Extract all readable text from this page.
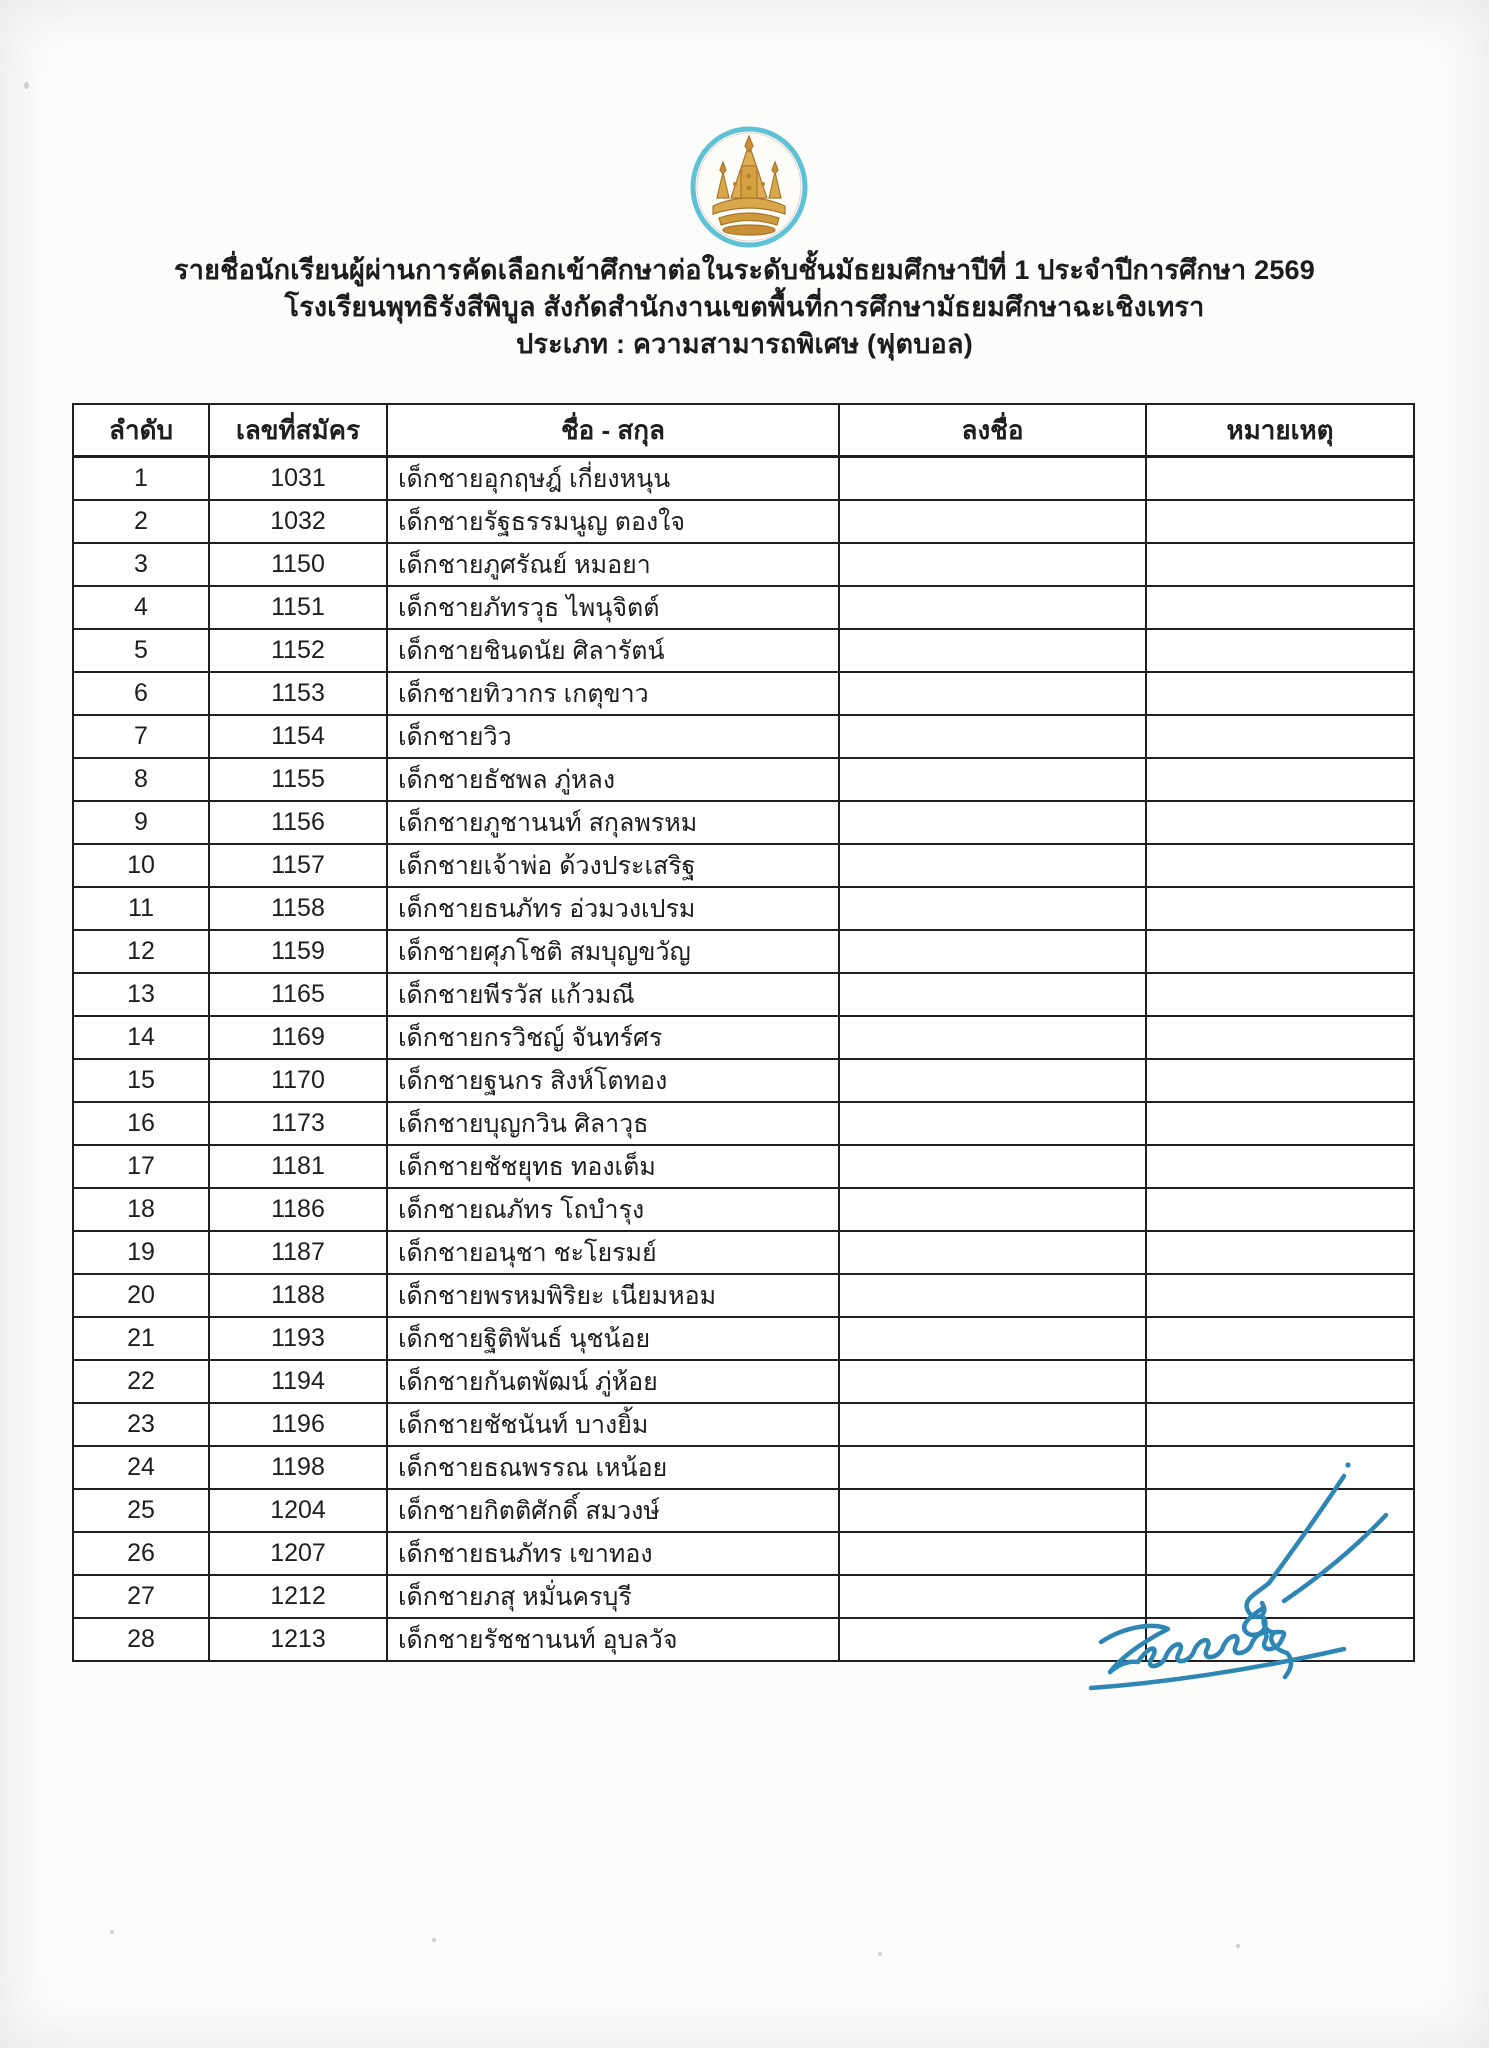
รายชื่อนักเรียนผู้ผ่านการคัดเลือกเข้าศึกษาต่อในระดับชั้นมัธยมศึกษาปีที่ 1 ประจำปีการศึกษา 2569
โรงเรียนพุทธิรังสีพิบูล สังกัดสำนักงานเขตพื้นที่การศึกษามัธยมศึกษาฉะเชิงเทรา
ประเภท : ความสามารถพิเศษ (ฟุตบอล)
ลำดับ	เลขที่สมัคร	ชื่อ - สกุล	ลงชื่อ	หมายเหตุ
1	1031	เด็กชายอุกฤษฎ์ เกี่ยงหนุน		
2	1032	เด็กชายรัฐธรรมนูญ ตองใจ		
3	1150	เด็กชายภูศรัณย์ หมอยา		
4	1151	เด็กชายภัทรวุธ ไพนุจิตต์		
5	1152	เด็กชายชินดนัย ศิลารัตน์		
6	1153	เด็กชายทิวากร เกตุขาว		
7	1154	เด็กชายวิว		
8	1155	เด็กชายธัชพล ภู่หลง		
9	1156	เด็กชายภูชานนท์ สกุลพรหม		
10	1157	เด็กชายเจ้าพ่อ ด้วงประเสริฐ		
11	1158	เด็กชายธนภัทร อ่วมวงเปรม		
12	1159	เด็กชายศุภโชติ สมบุญขวัญ		
13	1165	เด็กชายพีรวัส แก้วมณี		
14	1169	เด็กชายกรวิชญ์ จันทร์ศร		
15	1170	เด็กชายฐนกร สิงห์โตทอง		
16	1173	เด็กชายบุญกวิน ศิลาวุธ		
17	1181	เด็กชายชัชยุทธ ทองเต็ม		
18	1186	เด็กชายณภัทร โถบำรุง		
19	1187	เด็กชายอนุชา ชะโยรมย์		
20	1188	เด็กชายพรหมพิริยะ เนียมหอม		
21	1193	เด็กชายฐิติพันธ์ นุชน้อย		
22	1194	เด็กชายกันตพัฒน์ ภู่ห้อย		
23	1196	เด็กชายชัชนันท์ บางยิ้ม		
24	1198	เด็กชายธณพรรณ เหน้อย		
25	1204	เด็กชายกิตติศักดิ์ สมวงษ์		
26	1207	เด็กชายธนภัทร เขาทอง		
27	1212	เด็กชายภสุ หมั่นครบุรี		
28	1213	เด็กชายรัชชานนท์ อุบลวัจ		
